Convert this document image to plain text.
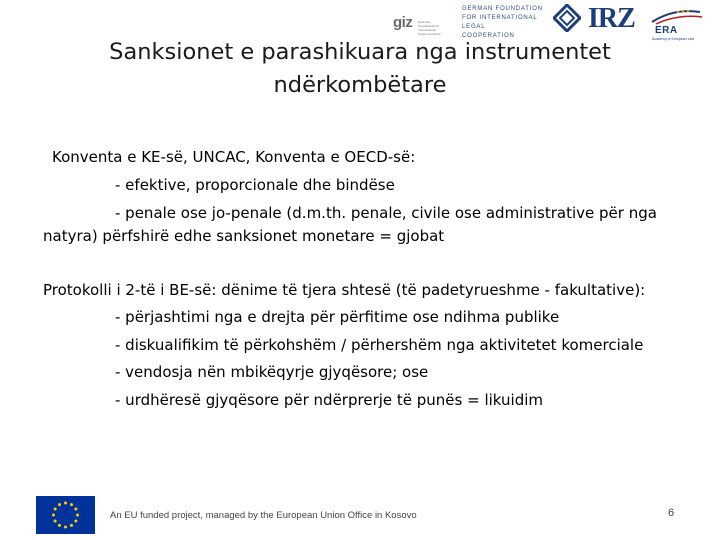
giz Deutsche Gesellschaft für Internationale Zusammenarbeit
GERMAN FOUNDATION
FOR INTERNATIONAL LEGAL
COOPERATION
IRZ ERA
Academy of European Law
Sanksionet e parashikuara nga instrumentet
ndërkombëtare
Konventa e KE-së, UNCAC, Konventa e OECD-së:
- efektive, proporcionale dhe bindëse
- penale ose jo-penale (d.m.th. penale, civile ose administrative për nga
natyra) përfshirë edhe sanksionet monetare = gjobat
Protokolli i 2-të i BE-së: dënime të tjera shtesë (të padetyrueshme - fakultative):
- përjashtimi nga e drejta për përfitime ose ndihma publike
- diskualifikim të përkohshëm / përhershëm nga aktivitetet komerciale
- vendosja nën mbikëqyrje gjyqësore; ose
- urdhëresë gjyqësore për ndërprerje të punës = likuidim
An EU funded project, managed by the European Union Office in Kosovo	6
